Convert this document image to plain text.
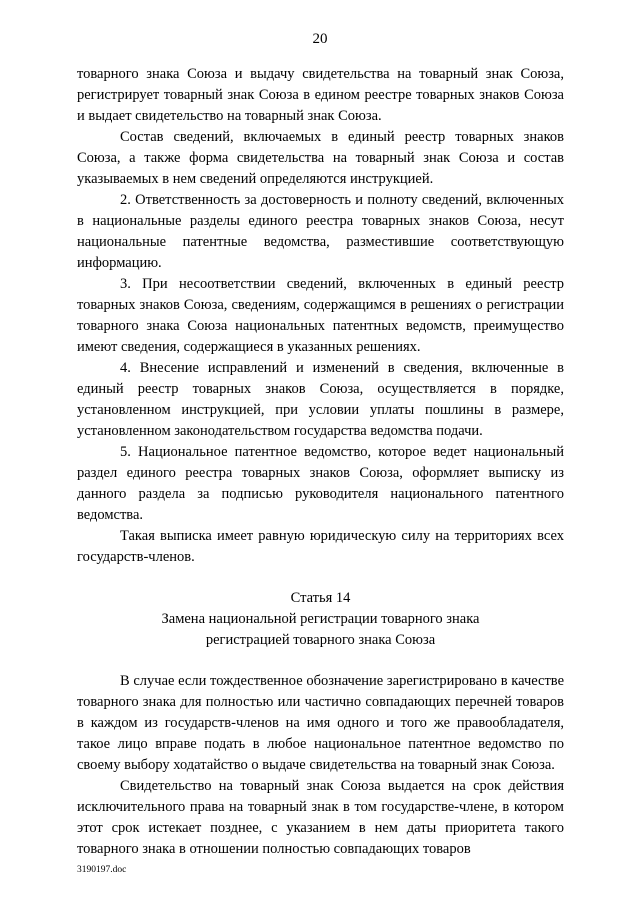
20

товарного знака Союза и выдачу свидетельства на товарный знак Союза, регистрирует товарный знак Союза в едином реестре товарных знаков Союза и выдает свидетельство на товарный знак Союза.

Состав сведений, включаемых в единый реестр товарных знаков Союза, а также форма свидетельства на товарный знак Союза и состав указываемых в нем сведений определяются инструкцией.

2. Ответственность за достоверность и полноту сведений, включенных в национальные разделы единого реестра товарных знаков Союза, несут национальные патентные ведомства, разместившие соответствующую информацию.

3. При несоответствии сведений, включенных в единый реестр товарных знаков Союза, сведениям, содержащимся в решениях о регистрации товарного знака Союза национальных патентных ведомств, преимущество имеют сведения, содержащиеся в указанных решениях.

4. Внесение исправлений и изменений в сведения, включенные в единый реестр товарных знаков Союза, осуществляется в порядке, установленном инструкцией, при условии уплаты пошлины в размере, установленном законодательством государства ведомства подачи.

5. Национальное патентное ведомство, которое ведет национальный раздел единого реестра товарных знаков Союза, оформляет выписку из данного раздела за подписью руководителя национального патентного ведомства.

Такая выписка имеет равную юридическую силу на территориях всех государств-членов.

Статья 14

Замена национальной регистрации товарного знака

регистрацией товарного знака Союза

В случае если тождественное обозначение зарегистрировано в качестве товарного знака для полностью или частично совпадающих перечней товаров в каждом из государств-членов на имя одного и того же правообладателя, такое лицо вправе подать в любое национальное патентное ведомство по своему выбору ходатайство о выдаче свидетельства на товарный знак Союза.

Свидетельство на товарный знак Союза выдается на срок действия исключительного права на товарный знак в том государстве-члене, в котором этот срок истекает позднее, с указанием в нем даты приоритета такого товарного знака в отношении полностью совпадающих товаров

3190197.doc
